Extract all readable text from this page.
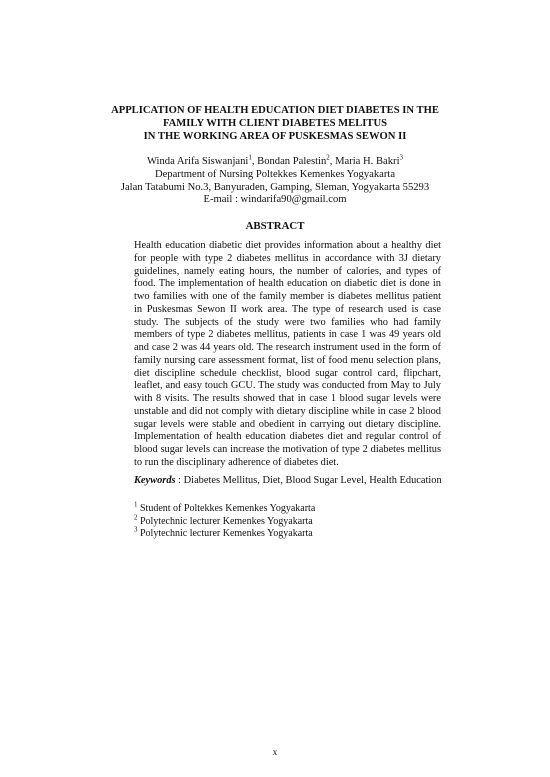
APPLICATION OF HEALTH EDUCATION DIET DIABETES IN THE
FAMILY WITH CLIENT DIABETES MELITUS
IN THE WORKING AREA OF PUSKESMAS SEWON II
Winda Arifa Siswanjani$^1$, Bondan Palestin$^2$, Maria H. Bakri$^3$
Department of Nursing Poltekkes Kemenkes Yogyakarta
Jalan Tatabumi No.3, Banyuraden, Gamping, Sleman, Yogyakarta 55293
E-mail : windarifa90@gmail.com
ABSTRACT

Health education diabetic diet provides information about a healthy diet for people with type 2 diabetes mellitus in accordance with 3J dietary guidelines, namely eating hours, the number of calories, and types of food. The implementation of health education on diabetic diet is done in two families with one of the family member is diabetes mellitus patient in Puskesmas Sewon II work area. The type of research used is case study. The subjects of the study were two families who had family members of type 2 diabetes mellitus, patients in case 1 was 49 years old and case 2 was 44 years old. The research instrument used in the form of family nursing care assessment format, list of food menu selection plans, diet discipline schedule checklist, blood sugar control card, flipchart, leaflet, and easy touch GCU. The study was conducted from May to July with 8 visits. The results showed that in case 1 blood sugar levels were unstable and did not comply with dietary discipline while in case 2 blood sugar levels were stable and obedient in carrying out dietary discipline. Implementation of health education diabetes diet and regular control of blood sugar levels can increase the motivation of type 2 diabetes mellitus to run the disciplinary adherence of diabetes diet.

Keywords : Diabetes Mellitus, Diet, Blood Sugar Level, Health Education
$^1$ Student of Poltekkes Kemenkes Yogyakarta
$^2$ Polytechnic lecturer Kemenkes Yogyakarta
$^3$ Polytechnic lecturer Kemenkes Yogyakarta
x
